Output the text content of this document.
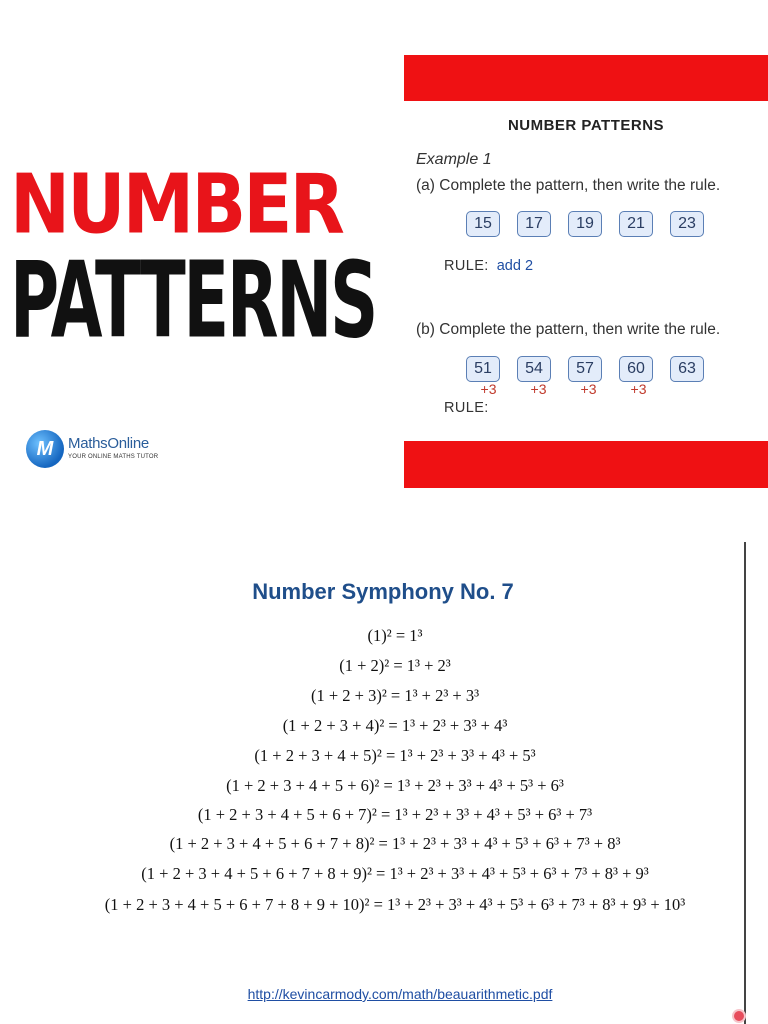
NUMBER
PATTERNS
M MathsOnline
YOUR ONLINE MATHS TUTOR
NUMBER PATTERNS
Example 1
(a) Complete the pattern, then write the rule.
15	17	19	21	23
RULE: add 2
(b) Complete the pattern, then write the rule.
51	54	57	60	63
+3	+3	+3	+3
RULE:
Number Symphony No. 7
(1)² = 1³
(1 + 2)² = 1³ + 2³
(1 + 2 + 3)² = 1³ + 2³ + 3³
(1 + 2 + 3 + 4)² = 1³ + 2³ + 3³ + 4³
(1 + 2 + 3 + 4 + 5)² = 1³ + 2³ + 3³ + 4³ + 5³
(1 + 2 + 3 + 4 + 5 + 6)² = 1³ + 2³ + 3³ + 4³ + 5³ + 6³
(1 + 2 + 3 + 4 + 5 + 6 + 7)² = 1³ + 2³ + 3³ + 4³ + 5³ + 6³ + 7³
(1 + 2 + 3 + 4 + 5 + 6 + 7 + 8)² = 1³ + 2³ + 3³ + 4³ + 5³ + 6³ + 7³ + 8³
(1 + 2 + 3 + 4 + 5 + 6 + 7 + 8 + 9)² = 1³ + 2³ + 3³ + 4³ + 5³ + 6³ + 7³ + 8³ + 9³
(1 + 2 + 3 + 4 + 5 + 6 + 7 + 8 + 9 + 10)² = 1³ + 2³ + 3³ + 4³ + 5³ + 6³ + 7³ + 8³ + 9³ + 10³
http://kevincarmody.com/math/beauarithmetic.pdf
